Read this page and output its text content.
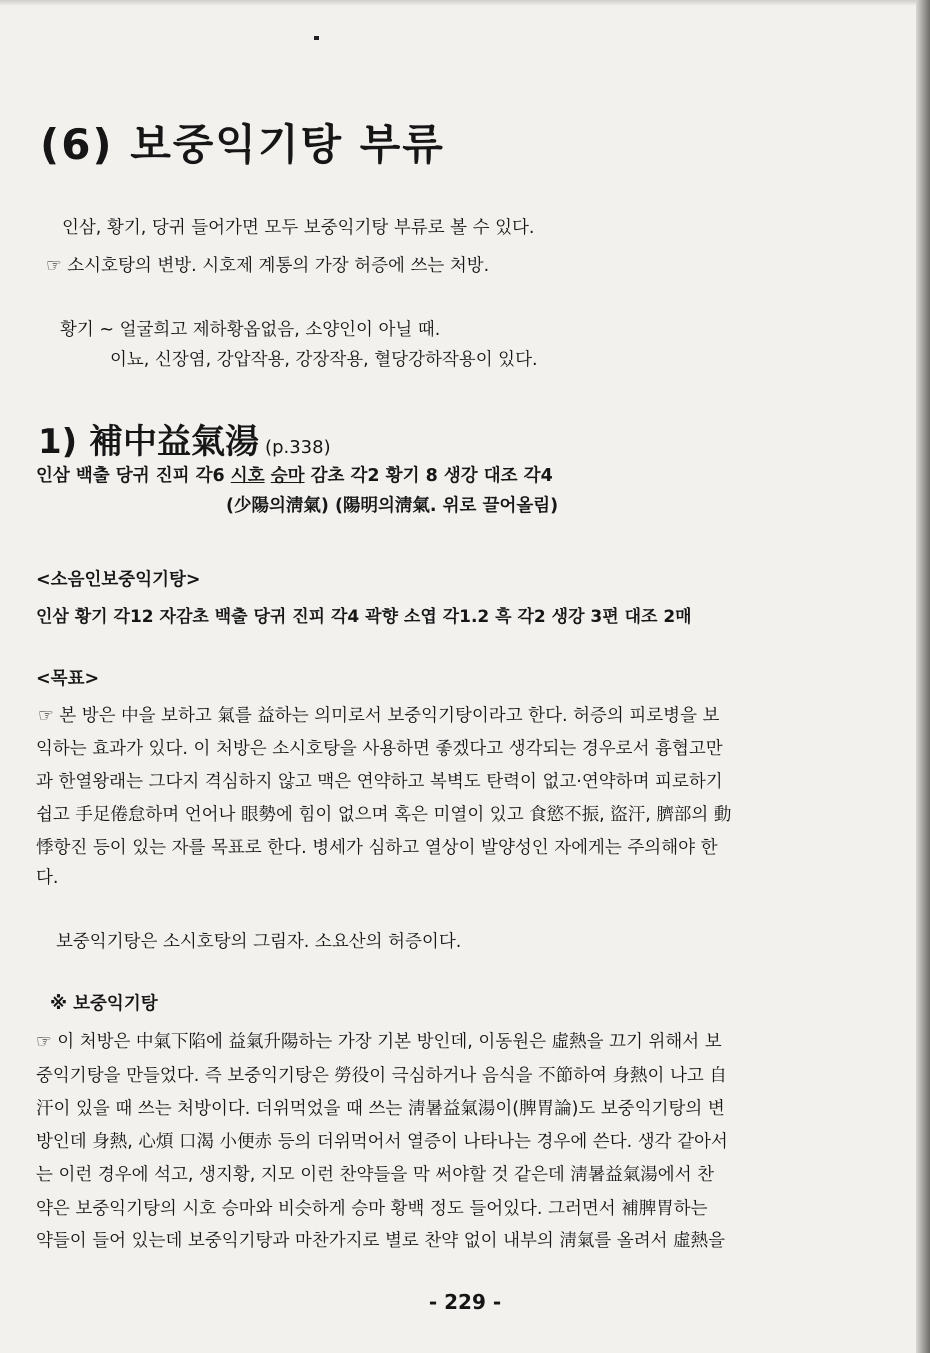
(6) 보중익기탕 부류
인삼, 황기, 당귀 들어가면 모두 보중익기탕 부류로 볼 수 있다.
☞ 소시호탕의 변방. 시호제 계통의 가장 허증에 쓰는 처방.
황기 ~ 얼굴희고 제하황옵없음, 소양인이 아닐 때.
이뇨, 신장염, 강압작용, 강장작용, 혈당강하작용이 있다.
1) 補中益氣湯 (p.338)
인삼 백출 당귀 진피 각6 시호 승마 감초 각2 황기 8 생강 대조 각4
(少陽의淸氣) (陽明의淸氣. 위로 끌어올림)
<소음인보중익기탕>
인삼 황기 각12 자감초 백출 당귀 진피 각4 곽향 소엽 각1.2 흑 각2 생강 3편 대조 2매
<목표>
☞ 본 방은 中을 보하고 氣를 益하는 의미로서 보중익기탕이라고 한다. 허증의 피로병을 보
익하는 효과가 있다. 이 처방은 소시호탕을 사용하면 좋겠다고 생각되는 경우로서 흉협고만
과 한열왕래는 그다지 격심하지 않고 맥은 연약하고 복벽도 탄력이 없고·연약하며 피로하기
쉽고 手足倦怠하며 언어나 眼勢에 힘이 없으며 혹은 미열이 있고 食慾不振, 盜汗, 臍部의 動
悸항진 등이 있는 자를 목표로 한다. 병세가 심하고 열상이 발양성인 자에게는 주의해야 한
다.
보중익기탕은 소시호탕의 그림자. 소요산의 허증이다.
※ 보중익기탕
☞ 이 처방은 中氣下陷에 益氣升陽하는 가장 기본 방인데, 이동원은 虛熱을 끄기 위해서 보
중익기탕을 만들었다. 즉 보중익기탕은 勞役이 극심하거나 음식을 不節하여 身熱이 나고 自
汗이 있을 때 쓰는 처방이다. 더위먹었을 때 쓰는 淸暑益氣湯이(脾胃論)도 보중익기탕의 변
방인데 身熱, 心煩 口渴 小便赤 등의 더위먹어서 열증이 나타나는 경우에 쓴다. 생각 같아서
는 이런 경우에 석고, 생지황, 지모 이런 찬약들을 막 써야할 것 같은데 淸暑益氣湯에서 찬
약은 보중익기탕의 시호 승마와 비슷하게 승마 황백 정도 들어있다. 그러면서 補脾胃하는
약들이 들어 있는데 보중익기탕과 마찬가지로 별로 찬약 없이 내부의 淸氣를 올려서 虛熱을
- 229 -
